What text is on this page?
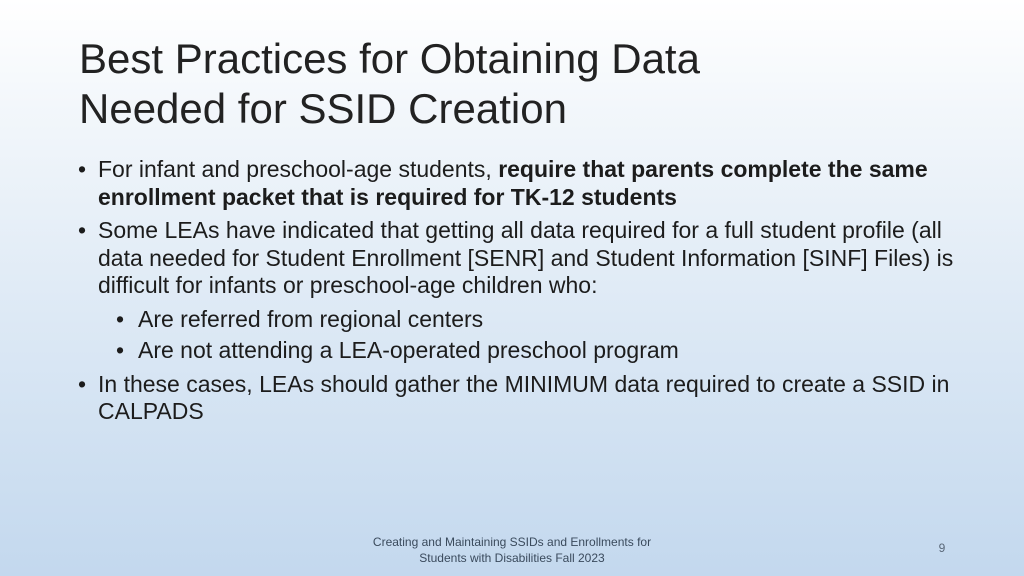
Best Practices for Obtaining Data
Needed for SSID Creation
• For infant and preschool-age students, require that parents complete the same enrollment packet that is required for TK-12 students
• Some LEAs have indicated that getting all data required for a full student profile (all data needed for Student Enrollment [SENR] and Student Information [SINF] Files) is difficult for infants or preschool-age children who:
• Are referred from regional centers
• Are not attending a LEA-operated preschool program
• In these cases, LEAs should gather the MINIMUM data required to create a SSID in CALPADS
Creating and Maintaining SSIDs and Enrollments for
Students with Disabilities Fall 2023
9
